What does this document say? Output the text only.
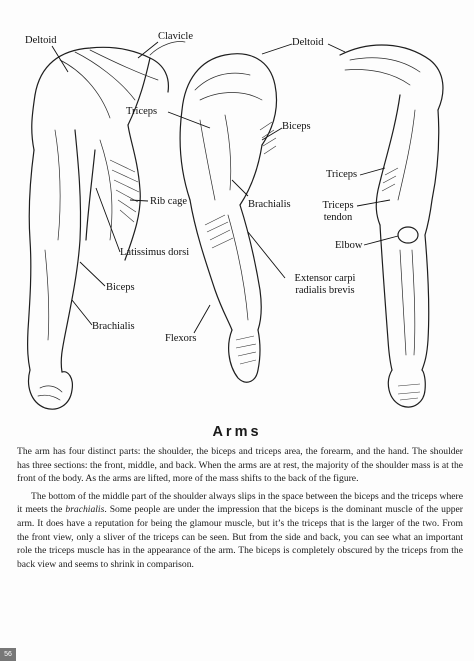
Deltoid	Clavicle
Deltoid
Triceps
Biceps
Rib cage	Brachialis
Triceps
Triceps
tendon
Latissimus dorsi
Elbow
Extensor carpi
radialis brevis
Biceps
Flexors
Brachialis
Arms

The arm has four distinct parts: the shoulder, the biceps and triceps area, the forearm, and the hand. The shoulder has three sections: the front, middle, and back. When the arms are at rest, the majority of the shoulder mass is at the front of the body. As the arms are lifted, more of the mass shifts to the back of the figure.

The bottom of the middle part of the shoulder always slips in the space between the biceps and the triceps where it meets the brachialis. Some people are under the impression that the biceps is the dominant muscle of the upper arm. It does have a reputation for being the glamour muscle, but it’s the triceps that is the larger of the two. From the front view, only a sliver of the triceps can be seen. But from the side and back, you can see what an important role the triceps muscle has in the appearance of the arm. The biceps is completely obscured by the triceps from the back view and seems to shrink in comparison.

56
